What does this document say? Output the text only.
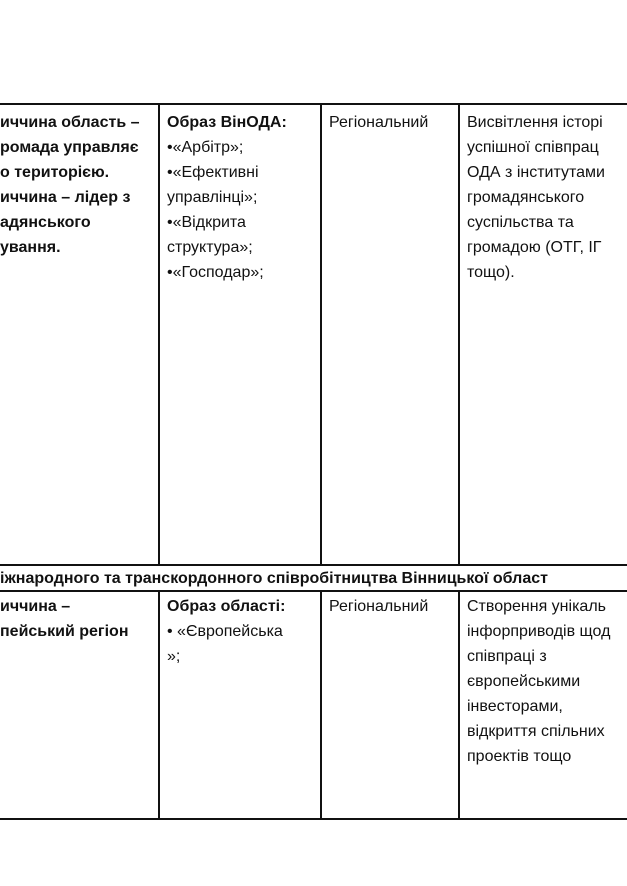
иччина область –
ромада управляє
о територією.
иччина – лідер з
адянського
ування.
Образ ВінОДА:
•«Арбітр»;
•«Ефективні
управлінці»;
•«Відкрита
структура»;
•«Господар»;
Регіональний Висвітлення історі
успішної співпрац
ОДА з інститутами
громадянського
суспільства та
громадою (ОТГ, ІГ
тощо).
іжнародного та транскордонного співробітництва Вінницької област
иччина –
пейський регіон
Образ області:
• «Європейська
»;
Регіональний Створення унікаль
інфорприводів щод
співпраці з
європейськими
інвесторами,
відкриття спільних
проектів тощо
